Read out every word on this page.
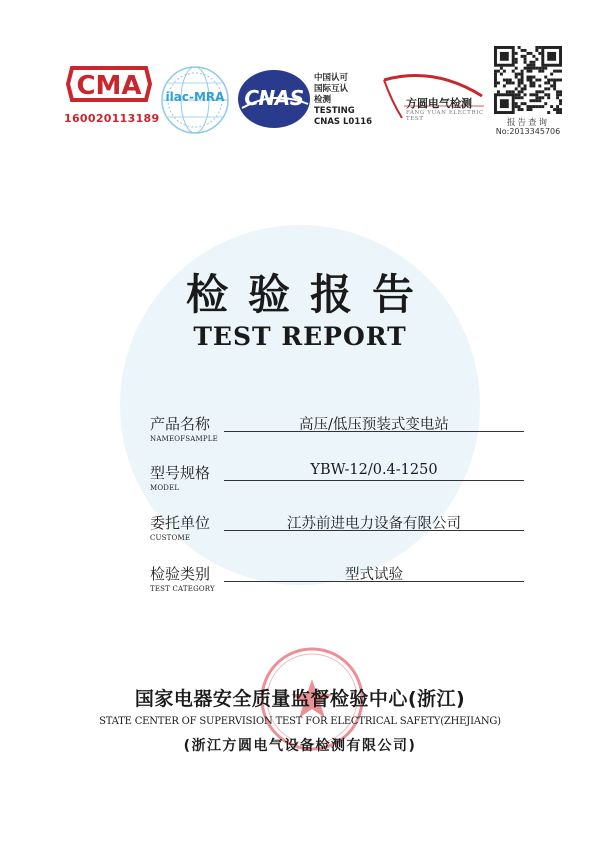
CMA
160020113189
ilac-MRA CNAS
中国认可
国际互认
检测
TESTING
CNAS L0116
方圆电气检测
FANG YUAN ELECTRIC TEST	报告查询
No:2013345706
检验报告
TEST REPORT
产品名称
NAMEOFSAMPLE
高压/低压预装式变电站
型号规格
MODEL
YBW-12/0.4-1250
委托单位
CUSTOME
江苏前进电力设备有限公司
检验类别
TEST CATEGORY
型式试验
国家电器安全质量监督检验中心(浙江)
STATE CENTER OF SUPERVISION TEST FOR ELECTRICAL SAFETY(ZHEJIANG)
(浙江方圆电气设备检测有限公司)
